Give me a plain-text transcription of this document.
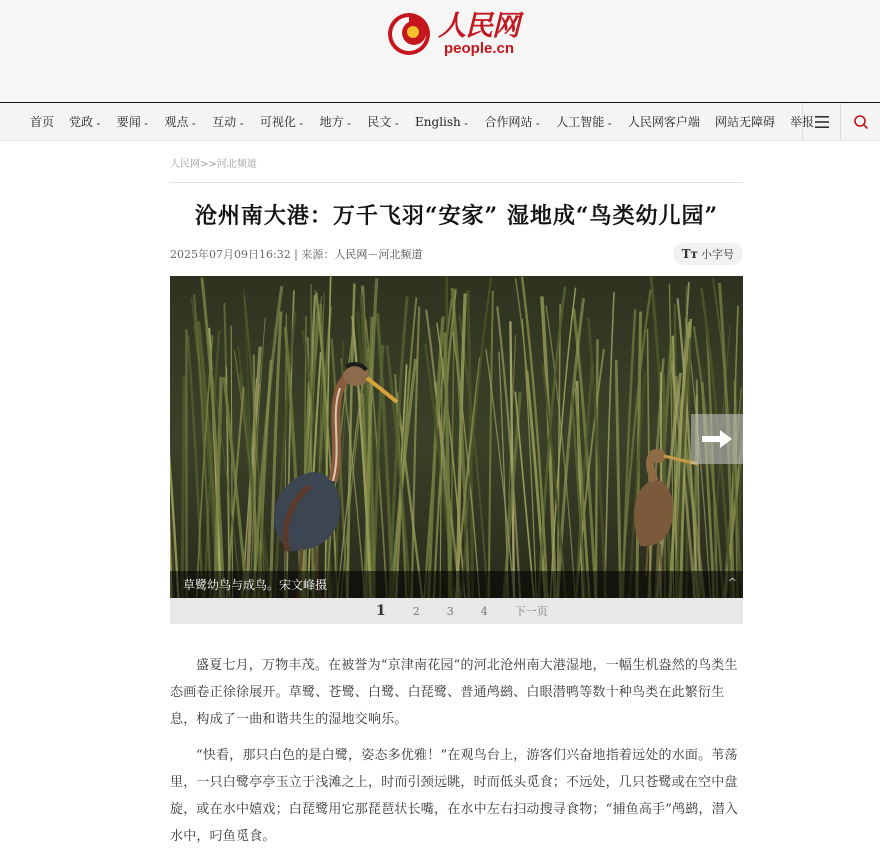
人民网
people.cn
首页 党政 ⌄ 要闻 ⌄ 观点 ⌄ 互动 ⌄ 可视化 ⌄ 地方 ⌄ 民文 ⌄ English ⌄ 合作网站 ⌄ 人工智能 ⌄ 人民网客户端 网站无障碍 举报
人民网>>河北频道
沧州南大港：万千飞羽“安家” 湿地成“鸟类幼儿园”
2025年07月09日16:32 | 来源：人民网－河北频道	Tт 小字号
草鹭幼鸟与成鸟。宋文峰摄	^
1 2 3 4 下一页

盛夏七月，万物丰茂。在被誉为“京津南花园”的河北沧州南大港湿地，一幅生机盎然的鸟类生态画卷正徐徐展开。草鹭、苍鹭、白鹭、白琵鹭、普通鸬鹚、白眼潜鸭等数十种鸟类在此繁衍生息，构成了一曲和谐共生的湿地交响乐。

“快看，那只白色的是白鹭，姿态多优雅！”在观鸟台上，游客们兴奋地指着远处的水面。苇荡里，一只白鹭亭亭玉立于浅滩之上，时而引颈远眺，时而低头觅食；不远处，几只苍鹭或在空中盘旋，或在水中嬉戏；白琵鹭用它那琵琶状长嘴，在水中左右扫动搜寻食物；“捕鱼高手”鸬鹚，潜入水中，叼鱼觅食。
